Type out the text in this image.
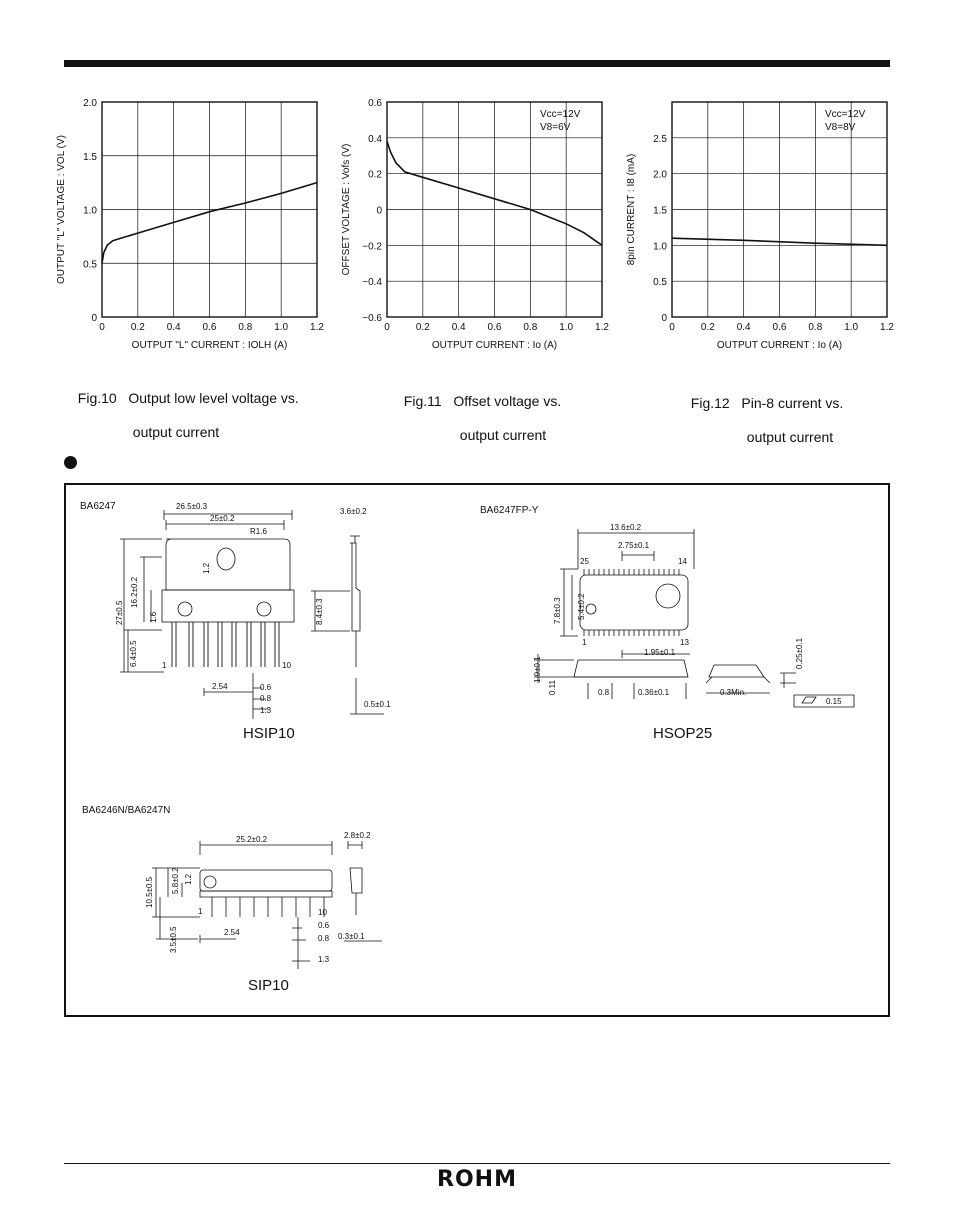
0	0.2 0.4 0.6 0.8 1.0 1.2
0
0.5
1.0
1.5
2.0
OUTPUT "L" CURRENT : IOLH (A)
OUTPUT "L" VOLTAGE : VOL (V)
0	0.2 0.4 0.6 0.8 1.0 1.2
−0.6
−0.4
−0.2
0
0.2
0.4
0.6
OUTPUT CURRENT : Io (A)
OFFSET VOLTAGE : Vofs (V)
Vcc=12V
V8=6V
0	0.2 0.4 0.6 0.8 1.0 1.2
0
0.5
1.0
1.5
2.0
2.5
OUTPUT CURRENT : Io (A)
8pin CURRENT : I8 (mA)
Vcc=12V
V8=8V

Fig.10 Output low level voltage vs.

output current

Fig.11 Offset voltage vs.

output current

Fig.12 Pin-8 current vs.

output current

26.5±0.3
25±0.2
R1.6
1.2
27±0.5
16.2±0.2
1.6
6.4±0.5	1	10
2.54	0.6
0.8
1.3
3.6±0.2
8.4±0.3
0.5±0.1
13.6±0.2
2.75±0.1
25	14
7.8±0.3 5.4±0.2
1	13
1.95±0.1
1.9±0.1
0.11	0.8	0.36±0.1	0.3Min.
0.25±0.1
0.15
25.2±0.2	2.8±0.2
10.5±0.5 5.8±0.2 1.2
1	10
3.5±0.5	2.54
0.6
0.8 0.3±0.1
1.3
BA6247
HSIP10
BA6247FP-Y
HSOP25
BA6246N/BA6247N
SIP10
ROHM
